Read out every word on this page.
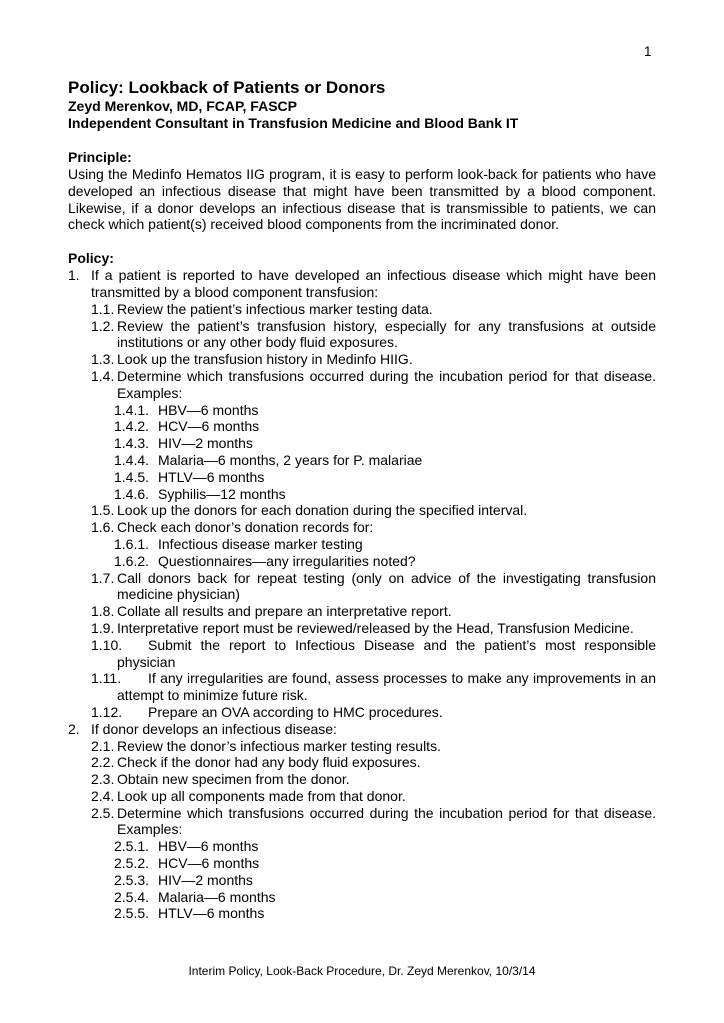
1
Policy: Lookback of Patients or Donors
Zeyd Merenkov, MD, FCAP, FASCP
Independent Consultant in Transfusion Medicine and Blood Bank IT
Principle:

Using the Medinfo Hematos IIG program, it is easy to perform look-back for patients who have developed an infectious disease that might have been transmitted by a blood component. Likewise, if a donor develops an infectious disease that is transmissible to patients, we can check which patient(s) received blood components from the incriminated donor.

Policy:
1. If a patient is reported to have developed an infectious disease which might have been transmitted by a blood component transfusion:
1.1. Review the patient’s infectious marker testing data.
1.2. Review the patient’s transfusion history, especially for any transfusions at outside institutions or any other body fluid exposures.
1.3. Look up the transfusion history in Medinfo HIIG.
1.4. Determine which transfusions occurred during the incubation period for that disease. Examples:
1.4.1. HBV—6 months
1.4.2. HCV—6 months
1.4.3. HIV—2 months
1.4.4. Malaria—6 months, 2 years for P. malariae
1.4.5. HTLV—6 months
1.4.6. Syphilis—12 months
1.5. Look up the donors for each donation during the specified interval.
1.6. Check each donor’s donation records for:
1.6.1. Infectious disease marker testing
1.6.2. Questionnaires—any irregularities noted?
1.7. Call donors back for repeat testing (only on advice of the investigating transfusion medicine physician)
1.8. Collate all results and prepare an interpretative report.
1.9. Interpretative report must be reviewed/released by the Head, Transfusion Medicine.
1.10.	Submit the report to Infectious Disease and the patient’s most responsible physician
1.11.	If any irregularities are found, assess processes to make any improvements in an attempt to minimize future risk.
1.12.	Prepare an OVA according to HMC procedures.
2. If donor develops an infectious disease:
2.1. Review the donor’s infectious marker testing results.
2.2. Check if the donor had any body fluid exposures.
2.3. Obtain new specimen from the donor.
2.4. Look up all components made from that donor.
2.5. Determine which transfusions occurred during the incubation period for that disease. Examples:
2.5.1. HBV—6 months
2.5.2. HCV—6 months
2.5.3. HIV—2 months
2.5.4. Malaria—6 months
2.5.5. HTLV—6 months
Interim Policy, Look-Back Procedure, Dr. Zeyd Merenkov, 10/3/14
